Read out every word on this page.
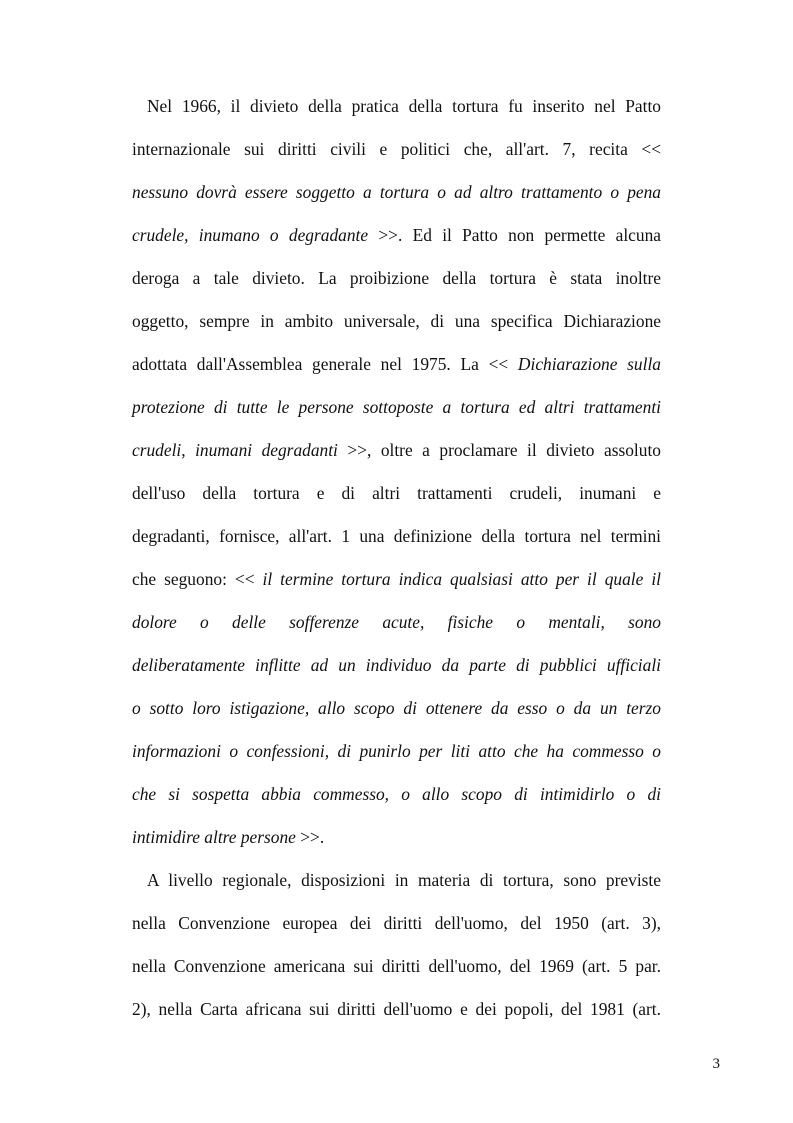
Nel 1966, il divieto della pratica della tortura fu inserito nel Patto
internazionale sui diritti civili e politici che, all'art. 7, recita <<
nessuno dovrà essere soggetto a tortura o ad altro trattamento o pena
crudele, inumano o degradante >>. Ed il Patto non permette alcuna
deroga a tale divieto. La proibizione della tortura è stata inoltre
oggetto, sempre in ambito universale, di una specifica Dichiarazione
adottata dall'Assemblea generale nel 1975. La << Dichiarazione sulla
protezione di tutte le persone sottoposte a tortura ed altri trattamenti
crudeli, inumani degradanti >>, oltre a proclamare il divieto assoluto
dell'uso della tortura e di altri trattamenti crudeli, inumani e
degradanti, fornisce, all'art. 1 una definizione della tortura nel termini
che seguono: << il termine tortura indica qualsiasi atto per il quale il
dolore o delle sofferenze acute, fisiche o mentali, sono
deliberatamente inflitte ad un individuo da parte di pubblici ufficiali
o sotto loro istigazione, allo scopo di ottenere da esso o da un terzo
informazioni o confessioni, di punirlo per liti atto che ha commesso o
che si sospetta abbia commesso, o allo scopo di intimidirlo o di
intimidire altre persone >>.
A livello regionale, disposizioni in materia di tortura, sono previste
nella Convenzione europea dei diritti dell'uomo, del 1950 (art. 3),
nella Convenzione americana sui diritti dell'uomo, del 1969 (art. 5 par.
2), nella Carta africana sui diritti dell'uomo e dei popoli, del 1981 (art.
3
